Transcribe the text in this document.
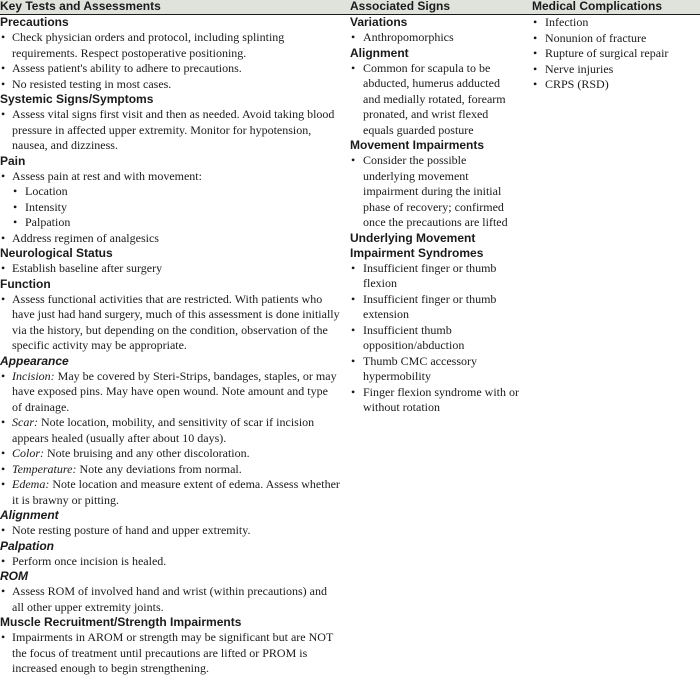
Key Tests and Assessments
Precautions
• Check physician orders and protocol, including splinting requirements. Respect postoperative positioning.
• Assess patient's ability to adhere to precautions.
• No resisted testing in most cases.
Systemic Signs/Symptoms
• Assess vital signs first visit and then as needed. Avoid taking blood pressure in affected upper extremity. Monitor for hypotension, nausea, and dizziness.
Pain
• Assess pain at rest and with movement:
• Location
• Intensity
• Palpation
• Address regimen of analgesics
Neurological Status
• Establish baseline after surgery
Function
• Assess functional activities that are restricted. With patients who have just had hand surgery, much of this assessment is done initially via the history, but depending on the condition, observation of the specific activity may be appropriate.
Appearance
• Incision: May be covered by Steri-Strips, bandages, staples, or may have exposed pins. May have open wound. Note amount and type of drainage.
• Scar: Note location, mobility, and sensitivity of scar if incision appears healed (usually after about 10 days).
• Color: Note bruising and any other discoloration.
• Temperature: Note any deviations from normal.
• Edema: Note location and measure extent of edema. Assess whether it is brawny or pitting.
Alignment
• Note resting posture of hand and upper extremity.
Palpation
• Perform once incision is healed.
ROM
• Assess ROM of involved hand and wrist (within precautions) and all other upper extremity joints.
Muscle Recruitment/Strength Impairments
• Impairments in AROM or strength may be significant but are NOT the focus of treatment until precautions are lifted or PROM is increased enough to begin strengthening.
Associated Signs
Variations
• Anthropomorphics
Alignment
• Common for scapula to be abducted, humerus adducted and medially rotated, forearm pronated, and wrist flexed equals guarded posture
Movement Impairments
• Consider the possible underlying movement impairment during the initial phase of recovery; confirmed once the precautions are lifted
Underlying Movement
Impairment Syndromes
• Insufficient finger or thumb flexion
• Insufficient finger or thumb extension
• Insufficient thumb opposition/abduction
• Thumb CMC accessory hypermobility
• Finger flexion syndrome with or without rotation
Medical Complications
• Infection
• Nonunion of fracture
• Rupture of surgical repair
• Nerve injuries
• CRPS (RSD)
